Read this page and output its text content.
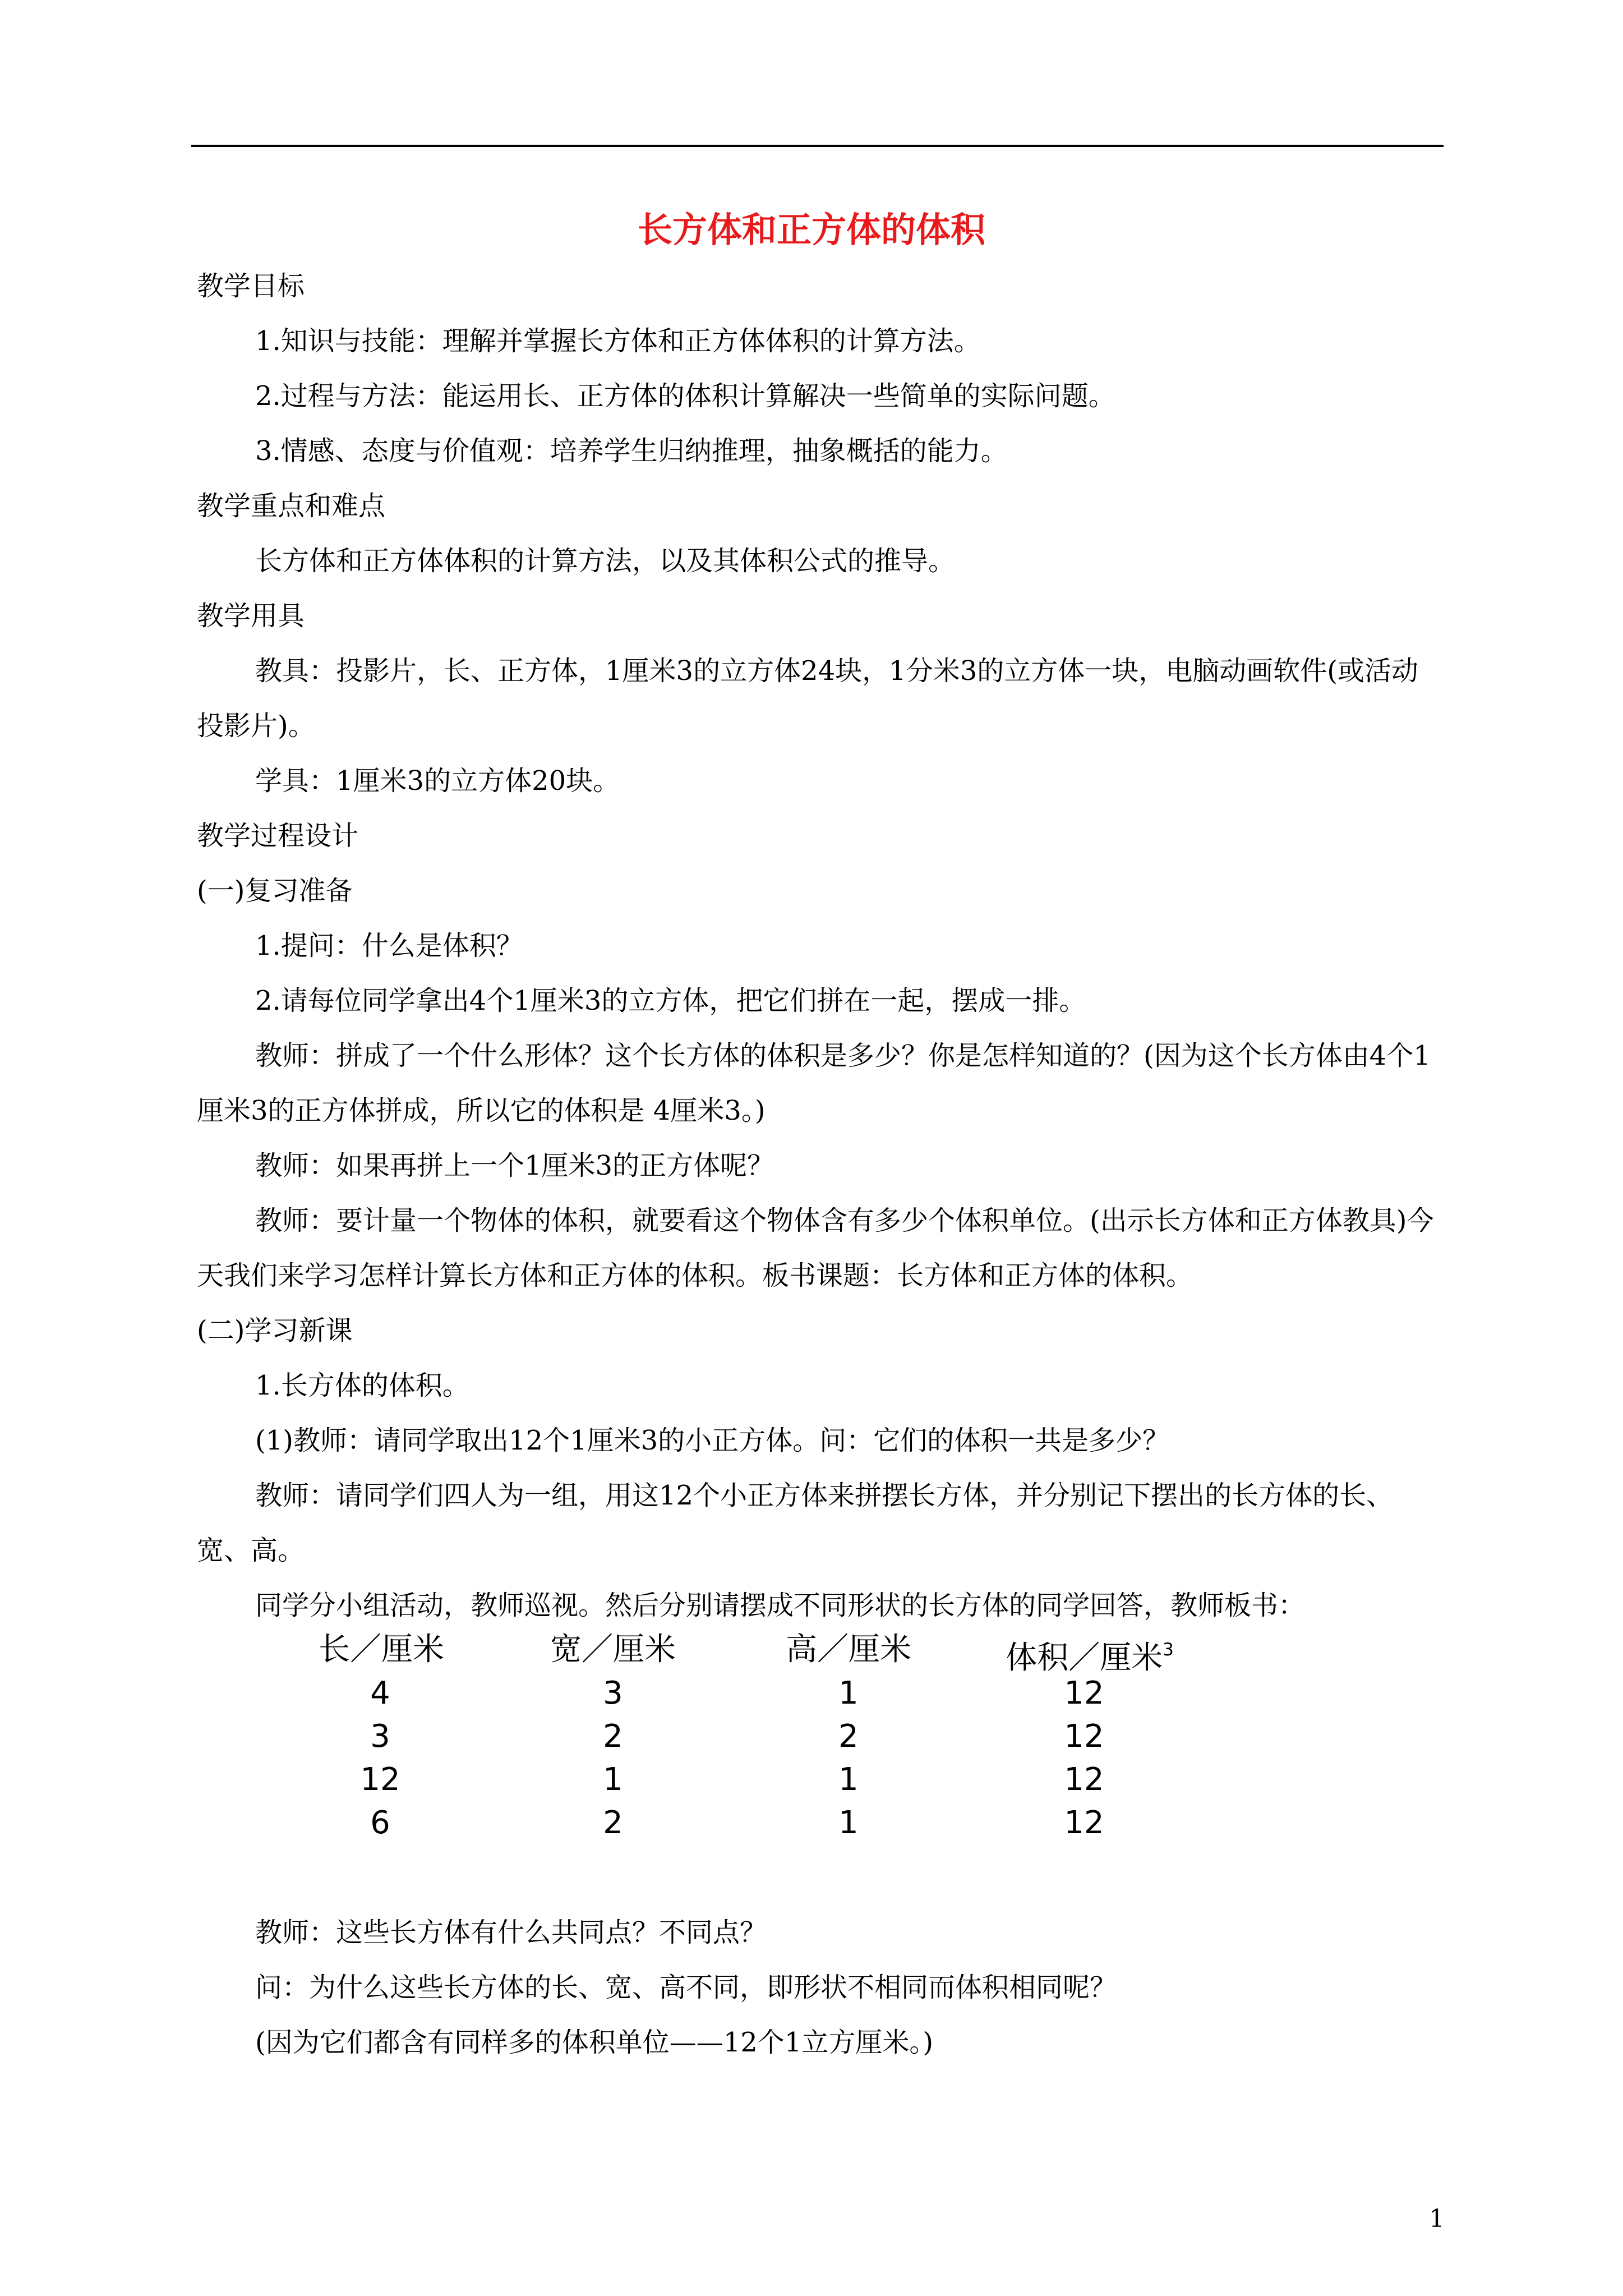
长方体和正方体的体积

教学目标

1.知识与技能：理解并掌握长方体和正方体体积的计算方法。

2.过程与方法：能运用长、正方体的体积计算解决一些简单的实际问题。

3.情感、态度与价值观：培养学生归纳推理，抽象概括的能力。

教学重点和难点

长方体和正方体体积的计算方法，以及其体积公式的推导。

教学用具

教具：投影片，长、正方体，1厘米3的立方体24块，1分米3的立方体一块，电脑动画软件(或活动投影片)。

学具：1厘米3的立方体20块。

教学过程设计

(一)复习准备

1.提问：什么是体积？

2.请每位同学拿出4个1厘米3的立方体，把它们拼在一起，摆成一排。

教师：拼成了一个什么形体？这个长方体的体积是多少？你是怎样知道的？(因为这个长方体由4个1厘米3的正方体拼成，所以它的体积是 4厘米3。)

教师：如果再拼上一个1厘米3的正方体呢？

教师：要计量一个物体的体积，就要看这个物体含有多少个体积单位。(出示长方体和正方体教具)今天我们来学习怎样计算长方体和正方体的体积。板书课题：长方体和正方体的体积。

(二)学习新课

1.长方体的体积。

(1)教师：请同学取出12个1厘米3的小正方体。问：它们的体积一共是多少？

教师：请同学们四人为一组，用这12个小正方体来拼摆长方体，并分别记下摆出的长方体的长、宽、高。

同学分小组活动，教师巡视。然后分别请摆成不同形状的长方体的同学回答，教师板书：

长／厘米	宽／厘米	高／厘米	体积／厘米$^3$
4	3	1	12
3	2	2	12
12	1	1	12
6	2	1	12

教师：这些长方体有什么共同点？不同点？

问：为什么这些长方体的长、宽、高不同，即形状不相同而体积相同呢？

(因为它们都含有同样多的体积单位——12个1立方厘米。)

1
